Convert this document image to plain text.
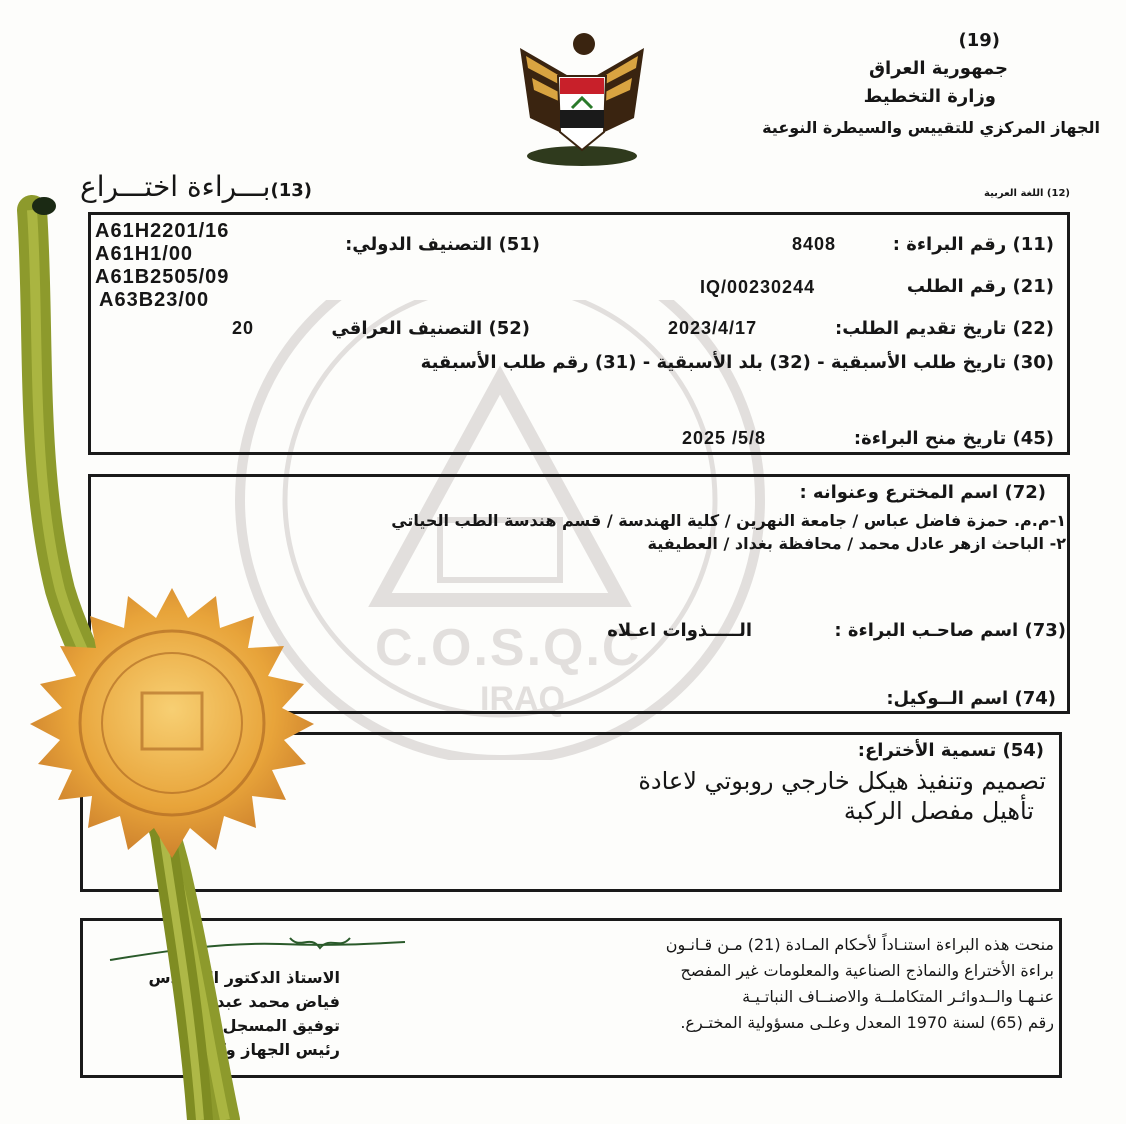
C.O.S.Q.C
IRAQ
(19)
جمهورية العراق
وزارة التخطيط
الجهاز المركزي للتقييس والسيطرة النوعية
(13)بـــراءة اختـــراع	(12) اللغة العربية
A61H2201/16
A61H1/00
A61B2505/09
A63B23/00
(51) التصنيف الدولي:	(11) رقم البراءة :
8408
(21) رقم الطلب
IQ/00230244
(22) تاريخ تقديم الطلب:
2023/4/17
(52) التصنيف العراقي
20
(30) تاريخ طلب الأسبقية - (32) بلد الأسبقية - (31) رقم طلب الأسبقية
(45) تاريخ منح البراءة:
2025 /5/8
(72) اسم المخترع وعنوانه :
١-م.م. حمزة فاضل عباس / جامعة النهرين / كلية الهندسة / قسم هندسة الطب الحياتي
٢- الباحث ازهر عادل محمد / محافظة بغداد / العطيفية
(73) اسم صاحـب البراءة :
الـــــذوات اعـلاه
(74) اسم الــوكيل:
(54) تسمية الأختراع:
تصميم وتنفيذ هيكل خارجي روبوتي لاعادة
تأهيل مفصل الركبة
منحت هذه البراءة استنـاداً لأحكام المـادة (21) مـن قـانـون
براءة الأختراع والنماذج الصناعية والمعلومات غير المفصح
عنـهـا والــدوائـر المتكاملــة والاصنــاف النباتـيـة
رقم (65) لسنة 1970 المعدل وعلـى مسؤولية المختـرع.
الاستاذ الدكتور المهندس
فياض محمد عبد
توفيق المسجل
رئيس الجهاز وكالة
